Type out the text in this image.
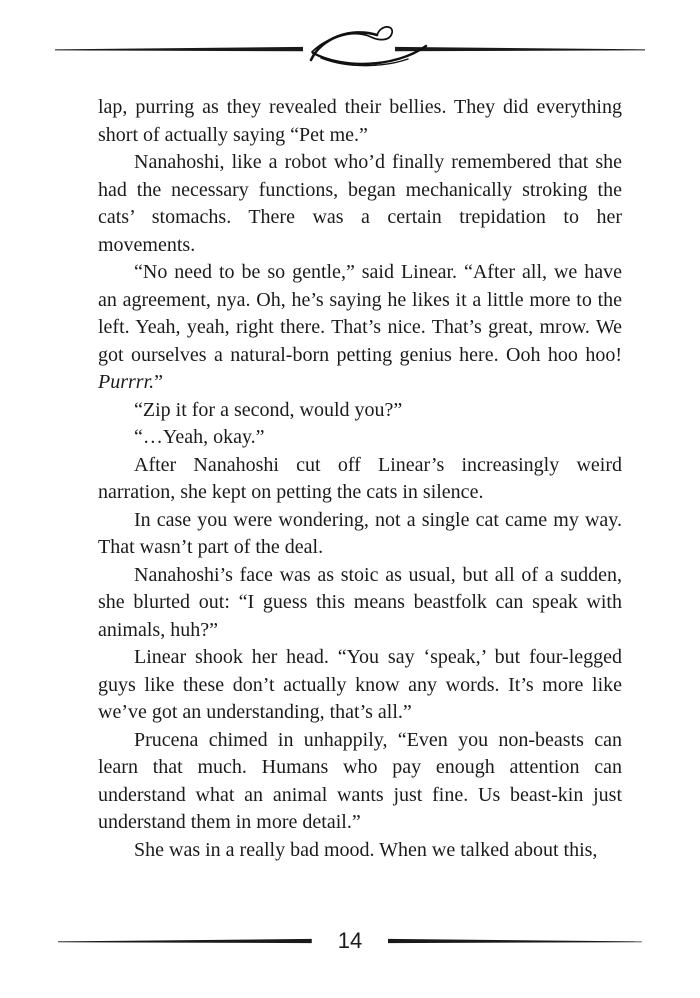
lap, purring as they revealed their bellies. They did everything short of actually saying “Pet me.”

Nanahoshi, like a robot who’d finally remembered that she had the necessary functions, began mechanically stroking the cats’ stomachs. There was a certain trepidation to her movements.

“No need to be so gentle,” said Linear. “After all, we have an agreement, nya. Oh, he’s saying he likes it a little more to the left. Yeah, yeah, right there. That’s nice. That’s great, mrow. We got ourselves a natural-born petting genius here. Ooh hoo hoo! Purrrr.”

“Zip it for a second, would you?”

“…Yeah, okay.”

After Nanahoshi cut off Linear’s increasingly weird narration, she kept on petting the cats in silence.

In case you were wondering, not a single cat came my way. That wasn’t part of the deal.

Nanahoshi’s face was as stoic as usual, but all of a sudden, she blurted out: “I guess this means beastfolk can speak with animals, huh?”

Linear shook her head. “You say ‘speak,’ but four-legged guys like these don’t actually know any words. It’s more like we’ve got an understanding, that’s all.”

Prucena chimed in unhappily, “Even you non-beasts can learn that much. Humans who pay enough attention can understand what an animal wants just fine. Us beast-kin just understand them in more detail.”

She was in a really bad mood. When we talked about this,

14
